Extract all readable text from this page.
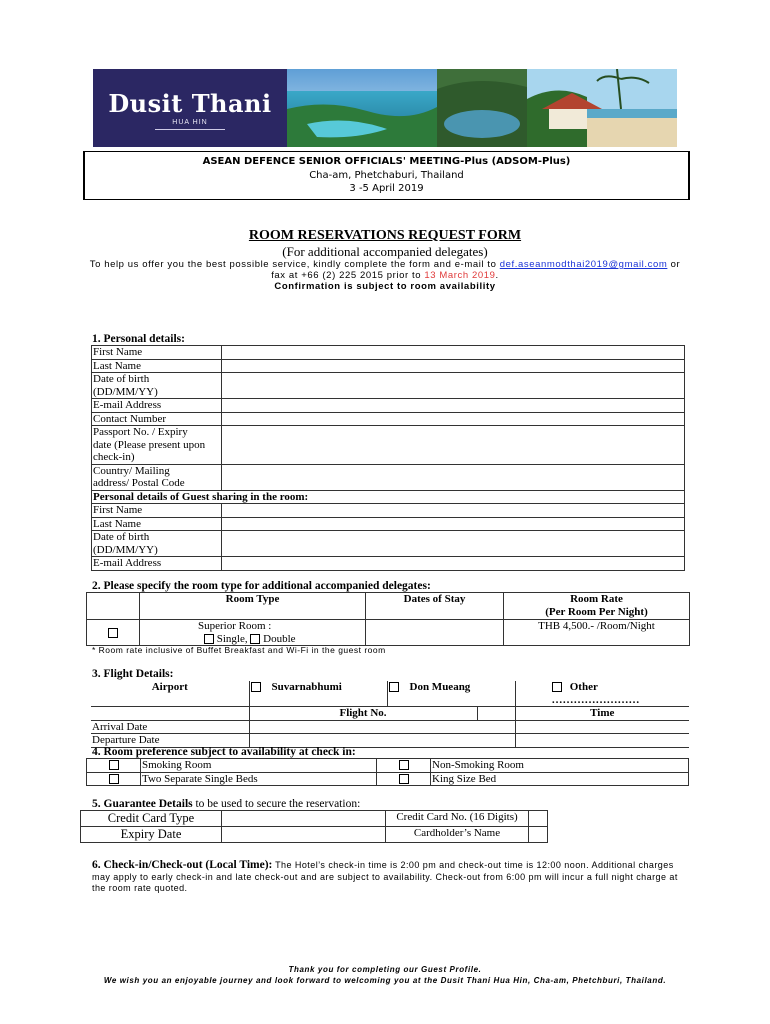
Dusit Thani
HUA HIN
ASEAN DEFENCE SENIOR OFFICIALS' MEETING-Plus (ADSOM-Plus)
Cha-am, Phetchaburi, Thailand
3 -5 April 2019
ROOM RESERVATIONS REQUEST FORM
(For additional accompanied delegates)
To help us offer you the best possible service, kindly complete the form and e-mail to def.aseanmodthai2019@gmail.com or
fax at +66 (2) 225 2015 prior to 13 March 2019.
Confirmation is subject to room availability
1. Personal details:
First Name	
Last Name	

Date of birth
(DD/MM/YY)	

E-mail Address	
Contact Number	

Passport No. / Expiry
date (Please present upon
check-in)	

Country/ Mailing
address/ Postal Code	

Personal details of Guest sharing in the room:	
First Name	
Last Name	

Date of birth
(DD/MM/YY)	

E-mail Address	
2. Please specify the room type for additional accompanied delegates:
	Room Type	Dates of Stay	Room Rate
(Per Room Per Night)

	Superior Room :
Single, Double		THB 4,500.- /Room/Night
* Room rate inclusive of Buffet Breakfast and Wi-Fi in the guest room
3. Flight Details:
Airport	Suvarnabhumi	Don Mueang		Other ……………………
	Flight No.			Time
Arrival Date				
Departure Date				
4. Room preference subject to availability at check in:
	Smoking Room		Non-Smoking Room
	Two Separate Single Beds		King Size Bed
5. Guarantee Details to be used to secure the reservation:
Credit Card Type		Credit Card No. (16 Digits)	
Expiry Date		Cardholder’s Name	
6. Check-in/Check-out (Local Time): The Hotel’s check-in time is 2:00 pm and check-out time is 12:00 noon. Additional charges may apply to early check-in and late check-out and are subject to availability. Check-out from 6:00 pm will incur a full night charge at the room rate quoted.
Thank you for completing our Guest Profile.
We wish you an enjoyable journey and look forward to welcoming you at the Dusit Thani Hua Hin, Cha-am, Phetchburi, Thailand.
